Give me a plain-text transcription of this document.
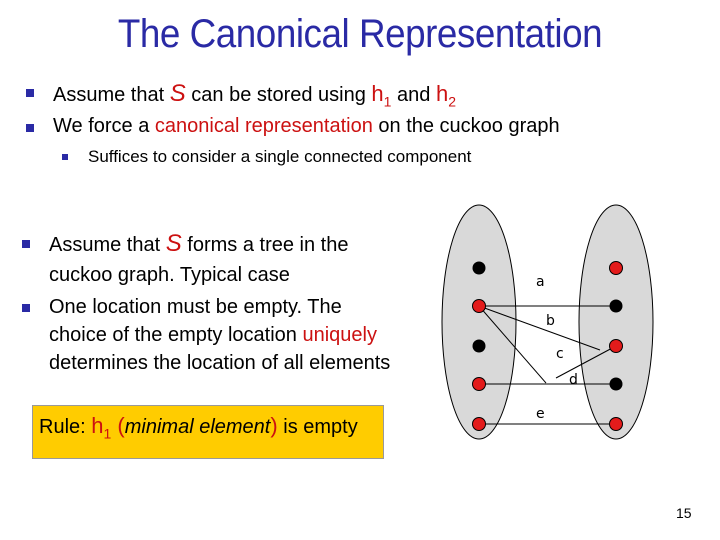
The Canonical Representation
Assume that S can be stored using $h_1$ and $h_2$
We force a canonical representation on the cuckoo graph
Suffices to consider a single connected component
Assume that S forms a tree in the
cuckoo graph. Typical case
One location must be empty. The
choice of the empty location uniquely
determines the location of all elements
Rule: $h_1$ (minimal element) is empty
a
b
c
d
e
15
